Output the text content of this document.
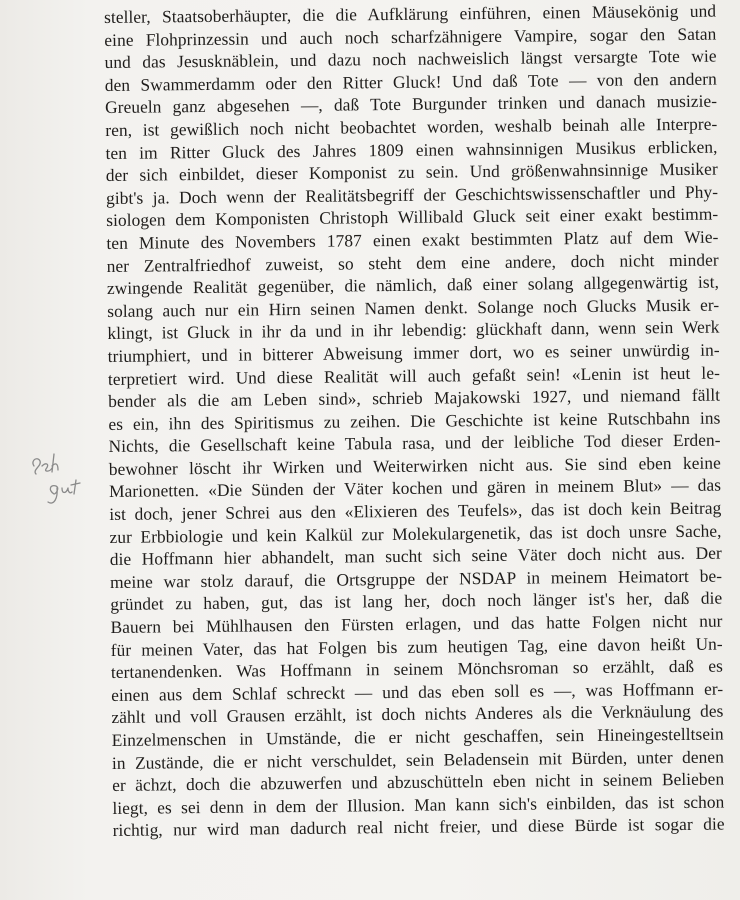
steller, Staatsoberhäupter, die die Aufklärung einführen, einen Mäusekönig und
eine Flohprinzessin und auch noch scharfzähnigere Vampire, sogar den Satan
und das Jesusknäblein, und dazu noch nachweislich längst versargte Tote wie
den Swammerdamm oder den Ritter Gluck! Und daß Tote — von den andern
Greueln ganz abgesehen —, daß Tote Burgunder trinken und danach musizie-
ren, ist gewißlich noch nicht beobachtet worden, weshalb beinah alle Interpre-
ten im Ritter Gluck des Jahres 1809 einen wahnsinnigen Musikus erblicken,
der sich einbildet, dieser Komponist zu sein. Und größenwahnsinnige Musiker
gibt's ja. Doch wenn der Realitätsbegriff der Geschichtswissenschaftler und Phy-
siologen dem Komponisten Christoph Willibald Gluck seit einer exakt bestimm-
ten Minute des Novembers 1787 einen exakt bestimmten Platz auf dem Wie-
ner Zentralfriedhof zuweist, so steht dem eine andere, doch nicht minder
zwingende Realität gegenüber, die nämlich, daß einer solang allgegenwärtig ist,
solang auch nur ein Hirn seinen Namen denkt. Solange noch Glucks Musik er-
klingt, ist Gluck in ihr da und in ihr lebendig: glückhaft dann, wenn sein Werk
triumphiert, und in bitterer Abweisung immer dort, wo es seiner unwürdig in-
terpretiert wird. Und diese Realität will auch gefaßt sein! «Lenin ist heut le-
bender als die am Leben sind», schrieb Majakowski 1927, und niemand fällt
es ein, ihn des Spiritismus zu zeihen. Die Geschichte ist keine Rutschbahn ins
Nichts, die Gesellschaft keine Tabula rasa, und der leibliche Tod dieser Erden-
bewohner löscht ihr Wirken und Weiterwirken nicht aus. Sie sind eben keine
Marionetten. «Die Sünden der Väter kochen und gären in meinem Blut» — das
ist doch, jener Schrei aus den «Elixieren des Teufels», das ist doch kein Beitrag
zur Erbbiologie und kein Kalkül zur Molekulargenetik, das ist doch unsre Sache,
die Hoffmann hier abhandelt, man sucht sich seine Väter doch nicht aus. Der
meine war stolz darauf, die Ortsgruppe der NSDAP in meinem Heimatort be-
gründet zu haben, gut, das ist lang her, doch noch länger ist's her, daß die
Bauern bei Mühlhausen den Fürsten erlagen, und das hatte Folgen nicht nur
für meinen Vater, das hat Folgen bis zum heutigen Tag, eine davon heißt Un-
tertanendenken. Was Hoffmann in seinem Mönchsroman so erzählt, daß es
einen aus dem Schlaf schreckt — und das eben soll es —, was Hoffmann er-
zählt und voll Grausen erzählt, ist doch nichts Anderes als die Verknäulung des
Einzelmenschen in Umstände, die er nicht geschaffen, sein Hineingestelltsein
in Zustände, die er nicht verschuldet, sein Beladensein mit Bürden, unter denen
er ächzt, doch die abzuwerfen und abzuschütteln eben nicht in seinem Belieben
liegt, es sei denn in dem der Illusion. Man kann sich's einbilden, das ist schon
richtig, nur wird man dadurch real nicht freier, und diese Bürde ist sogar die
